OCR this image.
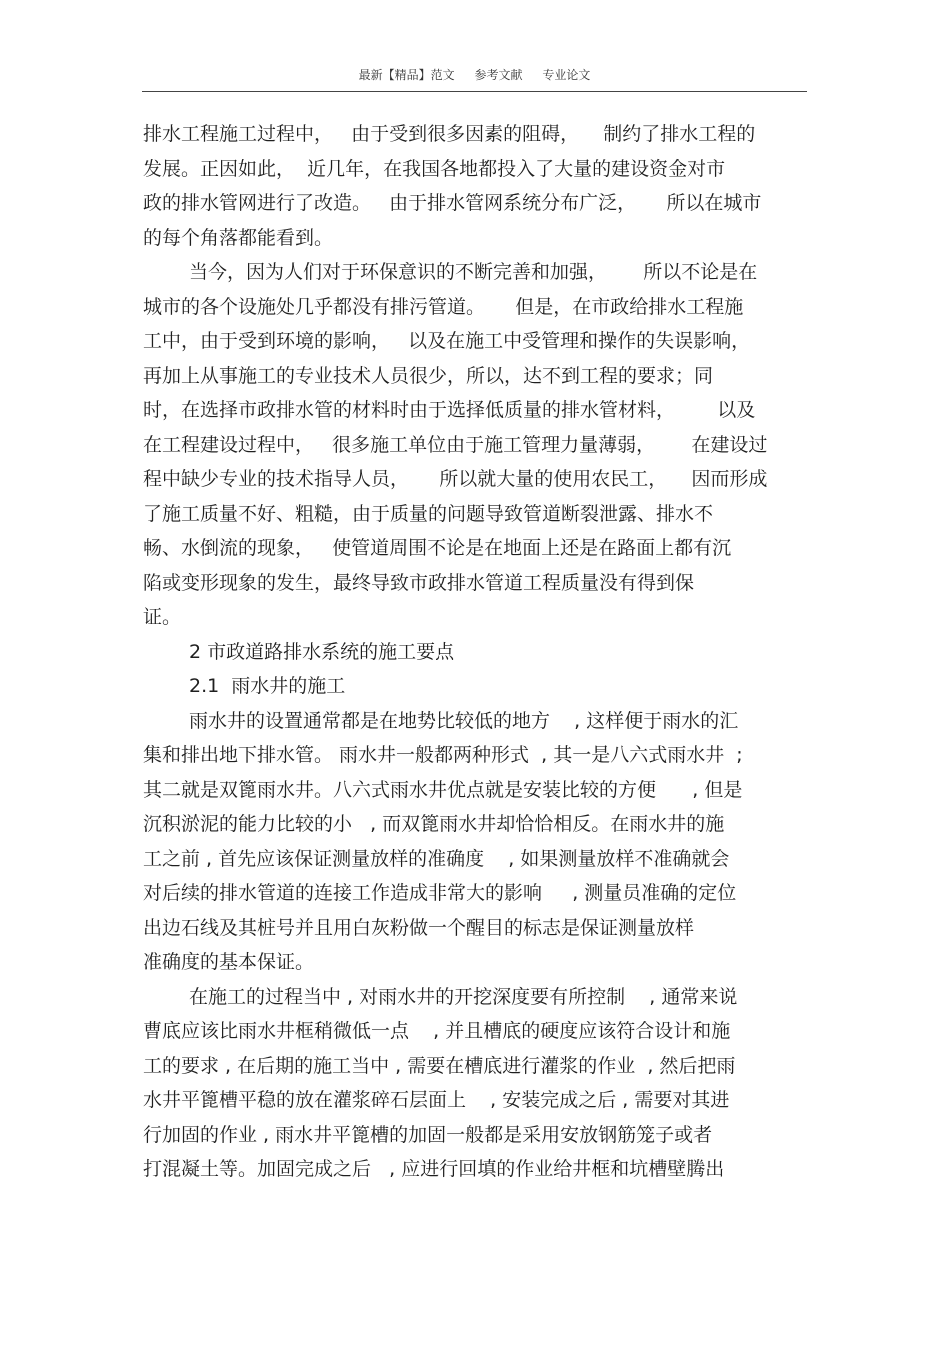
最新【精品】范文 参考文献 专业论文
排水工程施工过程中，   由于受到很多因素的阻碍，    制约了排水工程的
发展。正因如此，  近几年，在我国各地都投入了大量的建设资金对市
政的排水管网进行了改造。   由于排水管网系统分布广泛，     所以在城市
的每个角落都能看到。
当今，因为人们对于环保意识的不断完善和加强，      所以不论是在
城市的各个设施处几乎都没有排污管道。     但是，在市政给排水工程施
工中，由于受到环境的影响，   以及在施工中受管理和操作的失误影响，
再加上从事施工的专业技术人员很少，所以，达不到工程的要求；同
时，在选择市政排水管的材料时由于选择低质量的排水管材料，       以及
在工程建设过程中，   很多施工单位由于施工管理力量薄弱，      在建设过
程中缺少专业的技术指导人员，     所以就大量的使用农民工，    因而形成
了施工质量不好、粗糙，由于质量的问题导致管道断裂泄露、排水不
畅、水倒流的现象，   使管道周围不论是在地面上还是在路面上都有沉
陷或变形现象的发生，最终导致市政排水管道工程质量没有得到保
证。
2 市政道路排水系统的施工要点
2.1  雨水井的施工
雨水井的设置通常都是在地势比较低的地方    , 这样便于雨水的汇
集和排出地下排水管。 雨水井一般都两种形式  , 其一是八六式雨水井  ;
其二就是双篦雨水井。八六式雨水井优点就是安装比较的方便      , 但是
沉积淤泥的能力比较的小   , 而双篦雨水井却恰恰相反。在雨水井的施
工之前 , 首先应该保证测量放样的准确度    , 如果测量放样不准确就会
对后续的排水管道的连接工作造成非常大的影响     , 测量员准确的定位
出边石线及其桩号并且用白灰粉做一个醒目的标志是保证测量放样
准确度的基本保证。
在施工的过程当中 , 对雨水井的开挖深度要有所控制    , 通常来说
曹底应该比雨水井框稍微低一点    , 并且槽底的硬度应该符合设计和施
工的要求 , 在后期的施工当中 , 需要在槽底进行灌浆的作业  , 然后把雨
水井平篦槽平稳的放在灌浆碎石层面上    , 安装完成之后 , 需要对其进
行加固的作业 , 雨水井平篦槽的加固一般都是采用安放钢筋笼子或者
打混凝土等。加固完成之后   , 应进行回填的作业给井框和坑槽壁腾出
